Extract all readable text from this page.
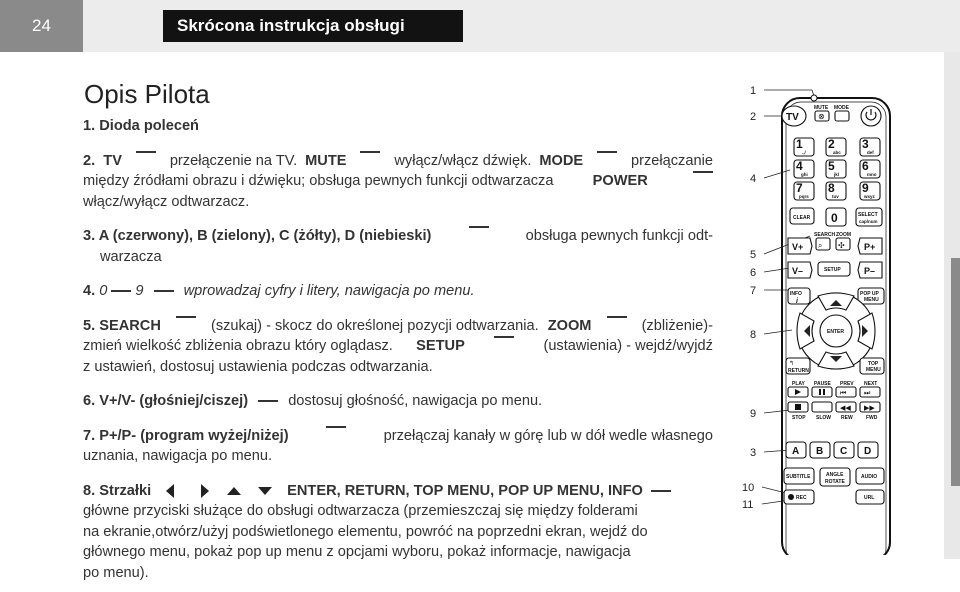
24	Skrócona instrukcja obsługi
Opis Pilota
1. Dioda poleceń
2. TV	przełączenie na TV. MUTE	wyłącz/włącz dźwięk. MODE	przełączanie
między źródłami obrazu i dźwięku; obsługa pewnych funkcji odtwarzacza	POWER
włącz/wyłącz odtwarzacz.
3. A (czerwony), B (zielony), C (żółty), D (niebieski)	obsługa pewnych funkcji odt-
warzacza
4. 0 9	wprowadzaj cyfry i litery, nawigacja po menu.
5. SEARCH	(szukaj) - skocz do określonej pozycji odtwarzania. ZOOM	(zbliżenie)-
zmień wielkość zbliżenia obrazu który oglądasz. SETUP	(ustawienia) - wejdź/wyjdź
z ustawień, dostosuj ustawienia podczas odtwarzania.
6. V+/V- (głośniej/ciszej)	dostosuj głośność, nawigacja po menu.
7. P+/P- (program wyżej/niżej)	przełączaj kanały w górę lub w dół wedle własnego
uznania, nawigacja po menu.
8. Strzałki	ENTER, RETURN, TOP MENU, POP UP MENU, INFO
główne przyciski służące do obsługi odtwarzacza (przemieszczaj się między folderami
na ekranie,otwórz/użyj podświetlonego elementu, powróć na poprzedni ekran, wejdź do
głównego menu, pokaż pop up menu z opcjami wyboru, pokaż informacje, nawigacja
po menu).
1
2
4
5
6
7
8
9
3
10
11
TV
MUTE
⊗
MODE
1
.,/
2
abc
3
def
4
ghi
5
jkl
6
mno
7
pqrs
8
tuv
9
wxyz
CLEAR 0	SELECT
cap/num
SEARCH ZOOM
⌕ ✣
V+
V–	SETUP
P+
P–
INFO
i
POP UP
MENU
ENTER
↰
RETURN
TOP
MENU
PLAY PAUSE PREV NEXT
⏮	⏭
◀◀ ▶▶
STOP SLOW REW	FWD
A B C D
SUBTITLE	ANGLE
ROTATE
AUDIO
REC	URL
